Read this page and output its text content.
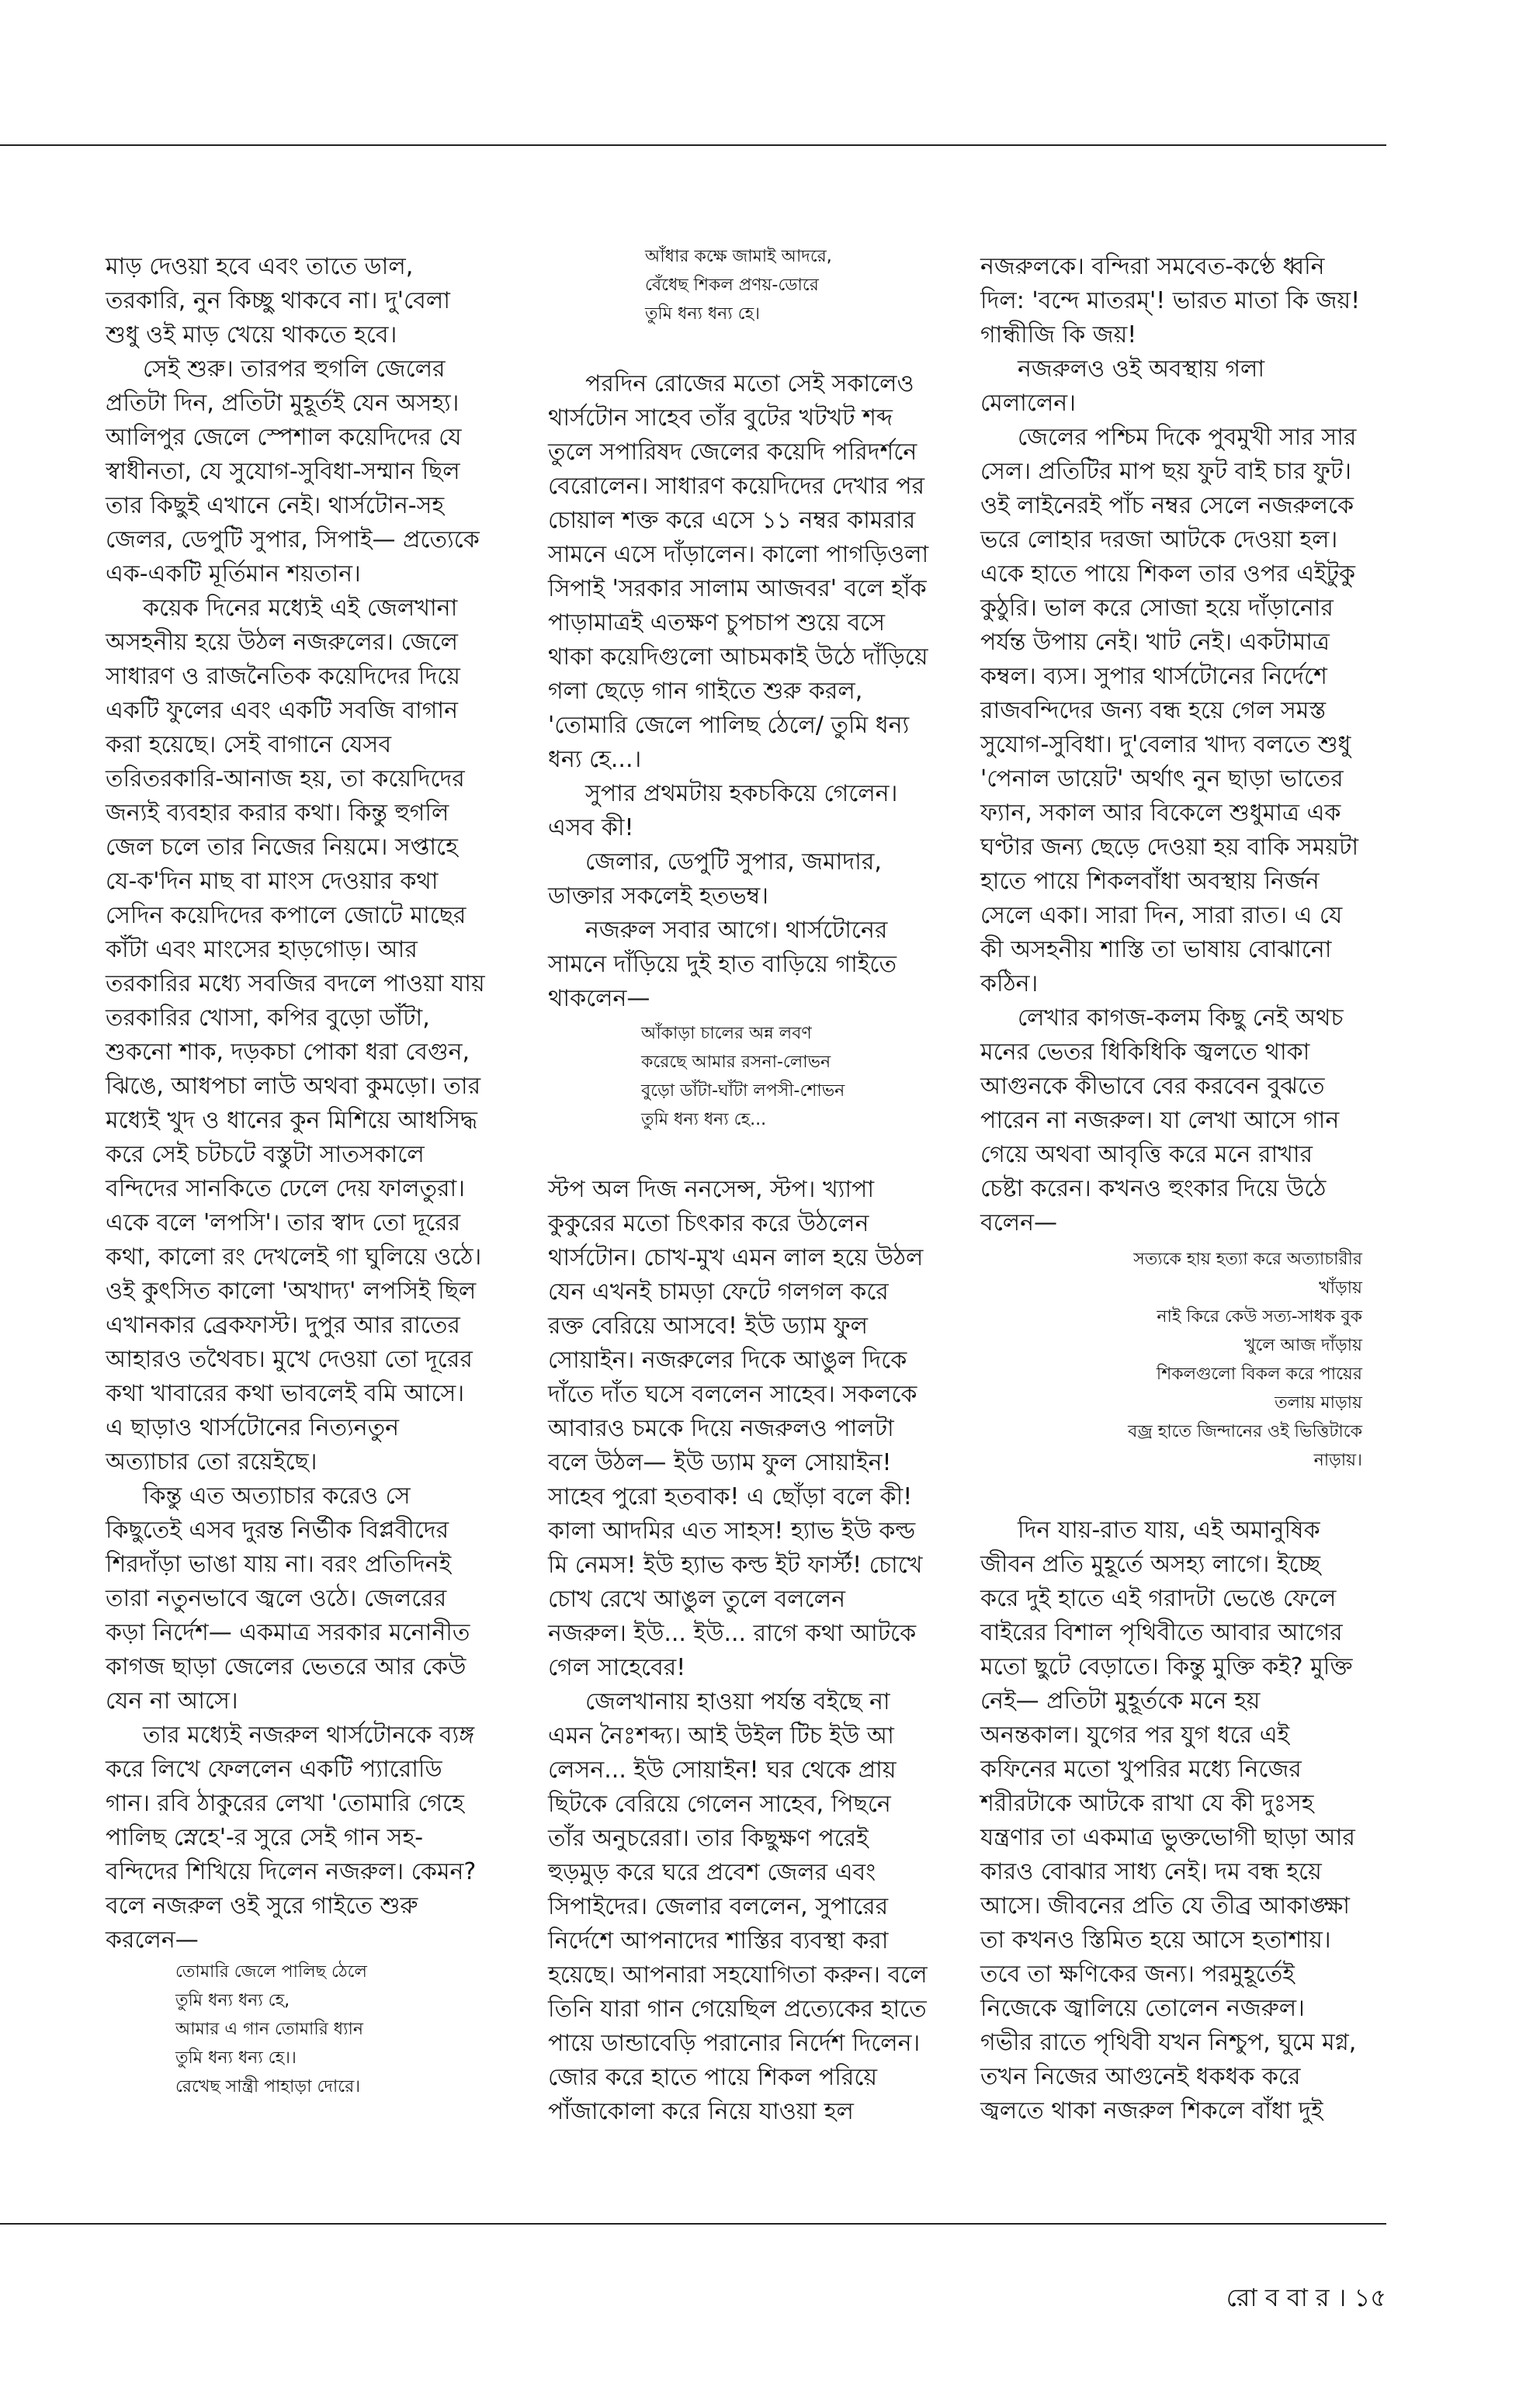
মাড় দেওয়া হবে এবং তাতে ডাল, তরকারি, নুন কিচ্ছু থাকবে না। দু'বেলা শুধু ওই মাড় খেয়ে থাকতে হবে।

সেই শুরু। তারপর হুগলি জেলের প্রতিটা দিন, প্রতিটা মুহূর্তই যেন অসহ্য। আলিপুর জেলে স্পেশাল কয়েদিদের যে স্বাধীনতা, যে সুযোগ-সুবিধা-সম্মান ছিল তার কিছুই এখানে নেই। থার্সটোন-সহ জেলর, ডেপুটি সুপার, সিপাই— প্রত্যেকে এক-একটি মূর্তিমান শয়তান।

কয়েক দিনের মধ্যেই এই জেলখানা অসহনীয় হয়ে উঠল নজরুলের। জেলে সাধারণ ও রাজনৈতিক কয়েদিদের দিয়ে একটি ফুলের এবং একটি সবজি বাগান করা হয়েছে। সেই বাগানে যেসব তরিতরকারি-আনাজ হয়, তা কয়েদিদের জন্যই ব্যবহার করার কথা। কিন্তু হুগলি জেল চলে তার নিজের নিয়মে। সপ্তাহে যে-ক'দিন মাছ বা মাংস দেওয়ার কথা সেদিন কয়েদিদের কপালে জোটে মাছের কাঁটা এবং মাংসের হাড়গোড়। আর তরকারির মধ্যে সবজির বদলে পাওয়া যায় তরকারির খোসা, কপির বুড়ো ডাঁটা, শুকনো শাক, দড়কচা পোকা ধরা বেগুন, ঝিঙে, আধপচা লাউ অথবা কুমড়ো। তার মধ্যেই খুদ ও ধানের কুন মিশিয়ে আধসিদ্ধ করে সেই চটচটে বস্তুটা সাতসকালে বন্দিদের সানকিতে ঢেলে দেয় ফালতুরা। একে বলে 'লপসি'। তার স্বাদ তো দূরের কথা, কালো রং দেখলেই গা ঘুলিয়ে ওঠে। ওই কুৎসিত কালো 'অখাদ্য' লপসিই ছিল এখানকার ব্রেকফাস্ট। দুপুর আর রাতের আহারও তথৈবচ। মুখে দেওয়া তো দূরের কথা খাবারের কথা ভাবলেই বমি আসে। এ ছাড়াও থার্সটোনের নিত্যনতুন অত্যাচার তো রয়েইছে।

কিন্তু এত অত্যাচার করেও সে কিছুতেই এসব দুরন্ত নির্ভীক বিপ্লবীদের শিরদাঁড়া ভাঙা যায় না। বরং প্রতিদিনই তারা নতুনভাবে জ্বলে ওঠে। জেলরের কড়া নির্দেশ— একমাত্র সরকার মনোনীত কাগজ ছাড়া জেলের ভেতরে আর কেউ যেন না আসে।

তার মধ্যেই নজরুল থার্সটোনকে ব্যঙ্গ করে লিখে ফেললেন একটি প্যারোডি গান। রবি ঠাকুরের লেখা 'তোমারি গেহে পালিছ স্নেহে'-র সুরে সেই গান সহ-বন্দিদের শিখিয়ে দিলেন নজরুল। কেমন? বলে নজরুল ওই সুরে গাইতে শুরু করলেন—

তোমারি জেলে পালিছ ঠেলে
তুমি ধন্য ধন্য হে,
আমার এ গান তোমারি ধ্যান
তুমি ধন্য ধন্য হে।।
রেখেছ সান্ত্রী পাহাড়া দোরে।
আঁধার কক্ষে জামাই আদরে,
বেঁধেছ শিকল প্রণয়-ডোরে
তুমি ধন্য ধন্য হে।

পরদিন রোজের মতো সেই সকালেও থার্সটোন সাহেব তাঁর বুটের খটখট শব্দ তুলে সপারিষদ জেলের কয়েদি পরিদর্শনে বেরোলেন। সাধারণ কয়েদিদের দেখার পর চোয়াল শক্ত করে এসে ১১ নম্বর কামরার সামনে এসে দাঁড়ালেন। কালো পাগড়িওলা সিপাই 'সরকার সালাম আজবর' বলে হাঁক পাড়ামাত্রই এতক্ষণ চুপচাপ শুয়ে বসে থাকা কয়েদিগুলো আচমকাই উঠে দাঁড়িয়ে গলা ছেড়ে গান গাইতে শুরু করল, 'তোমারি জেলে পালিছ ঠেলে/ তুমি ধন্য ধন্য হে...।

সুপার প্রথমটায় হকচকিয়ে গেলেন। এসব কী!

জেলার, ডেপুটি সুপার, জমাদার, ডাক্তার সকলেই হতভম্ব।

নজরুল সবার আগে। থার্সটোনের সামনে দাঁড়িয়ে দুই হাত বাড়িয়ে গাইতে থাকলেন—

আঁকাড়া চালের অন্ন লবণ
করেছে আমার রসনা-লোভন
বুড়ো ডাঁটা-ঘাঁটা লপসী-শোভন
তুমি ধন্য ধন্য হে...

স্টপ অল দিজ ননসেন্স, স্টপ। খ্যাপা কুকুরের মতো চিৎকার করে উঠলেন থার্সটোন। চোখ-মুখ এমন লাল হয়ে উঠল যেন এখনই চামড়া ফেটে গলগল করে রক্ত বেরিয়ে আসবে! ইউ ড্যাম ফুল সোয়াইন। নজরুলের দিকে আঙুল দিকে দাঁতে দাঁত ঘসে বললেন সাহেব। সকলকে আবারও চমকে দিয়ে নজরুলও পালটা বলে উঠল— ইউ ড্যাম ফুল সোয়াইন! সাহেব পুরো হতবাক! এ ছোঁড়া বলে কী! কালা আদমির এত সাহস! হ্যাভ ইউ কল্ড মি নেমস! ইউ হ্যাভ কল্ড ইট ফার্স্ট! চোখে চোখ রেখে আঙুল তুলে বললেন নজরুল। ইউ... ইউ... রাগে কথা আটকে গেল সাহেবের!

জেলখানায় হাওয়া পর্যন্ত বইছে না এমন নৈঃশব্দ্য। আই উইল টিচ ইউ আ লেসন... ইউ সোয়াইন! ঘর থেকে প্রায় ছিটকে বেরিয়ে গেলেন সাহেব, পিছনে তাঁর অনুচরেরা। তার কিছুক্ষণ পরেই হুড়মুড় করে ঘরে প্রবেশ জেলর এবং সিপাইদের। জেলার বললেন, সুপারের নির্দেশে আপনাদের শাস্তির ব্যবস্থা করা হয়েছে। আপনারা সহযোগিতা করুন। বলে তিনি যারা গান গেয়েছিল প্রত্যেকের হাতে পায়ে ডান্ডাবেড়ি পরানোর নির্দেশ দিলেন। জোর করে হাতে পায়ে শিকল পরিয়ে পাঁজাকোলা করে নিয়ে যাওয়া হল

নজরুলকে। বন্দিরা সমবেত-কণ্ঠে ধ্বনি দিল: 'বন্দে মাতরম্'! ভারত মাতা কি জয়! গান্ধীজি কি জয়!

নজরুলও ওই অবস্থায় গলা মেলালেন।

জেলের পশ্চিম দিকে পুবমুখী সার সার সেল। প্রতিটির মাপ ছয় ফুট বাই চার ফুট। ওই লাইনেরই পাঁচ নম্বর সেলে নজরুলকে ভরে লোহার দরজা আটকে দেওয়া হল। একে হাতে পায়ে শিকল তার ওপর এইটুকু কুঠুরি। ভাল করে সোজা হয়ে দাঁড়ানোর পর্যন্ত উপায় নেই। খাট নেই। একটামাত্র কম্বল। ব্যস। সুপার থার্সটোনের নির্দেশে রাজবন্দিদের জন্য বন্ধ হয়ে গেল সমস্ত সুযোগ-সুবিধা। দু'বেলার খাদ্য বলতে শুধু 'পেনাল ডায়েট' অর্থাৎ নুন ছাড়া ভাতের ফ্যান, সকাল আর বিকেলে শুধুমাত্র এক ঘণ্টার জন্য ছেড়ে দেওয়া হয় বাকি সময়টা হাতে পায়ে শিকলবাঁধা অবস্থায় নির্জন সেলে একা। সারা দিন, সারা রাত। এ যে কী অসহনীয় শাস্তি তা ভাষায় বোঝানো কঠিন।

লেখার কাগজ-কলম কিছু নেই অথচ মনের ভেতর ধিকিধিকি জ্বলতে থাকা আগুনকে কীভাবে বের করবেন বুঝতে পারেন না নজরুল। যা লেখা আসে গান গেয়ে অথবা আবৃত্তি করে মনে রাখার চেষ্টা করেন। কখনও হুংকার দিয়ে উঠে বলেন—

সত্যকে হায় হত্যা করে অত্যাচারীর
খাঁড়ায়
নাই কিরে কেউ সত্য-সাধক বুক
খুলে আজ দাঁড়ায়
শিকলগুলো বিকল করে পায়ের
তলায় মাড়ায়
বজ্র হাতে জিন্দানের ওই ভিত্তিটাকে
নাড়ায়।

দিন যায়-রাত যায়, এই অমানুষিক জীবন প্রতি মুহূর্তে অসহ্য লাগে। ইচ্ছে করে দুই হাতে এই গরাদটা ভেঙে ফেলে বাইরের বিশাল পৃথিবীতে আবার আগের মতো ছুটে বেড়াতে। কিন্তু মুক্তি কই? মুক্তি নেই— প্রতিটা মুহূর্তকে মনে হয় অনন্তকাল। যুগের পর যুগ ধরে এই কফিনের মতো খুপরির মধ্যে নিজের শরীরটাকে আটকে রাখা যে কী দুঃসহ যন্ত্রণার তা একমাত্র ভুক্তভোগী ছাড়া আর কারও বোঝার সাধ্য নেই। দম বন্ধ হয়ে আসে। জীবনের প্রতি যে তীব্র আকাঙ্ক্ষা তা কখনও স্তিমিত হয়ে আসে হতাশায়। তবে তা ক্ষণিকের জন্য। পরমুহূর্তেই নিজেকে জ্বালিয়ে তোলেন নজরুল। গভীর রাতে পৃথিবী যখন নিশ্চুপ, ঘুমে মগ্ন, তখন নিজের আগুনেই ধকধক করে জ্বলতে থাকা নজরুল শিকলে বাঁধা দুই

রো ব বা র । ১৫
